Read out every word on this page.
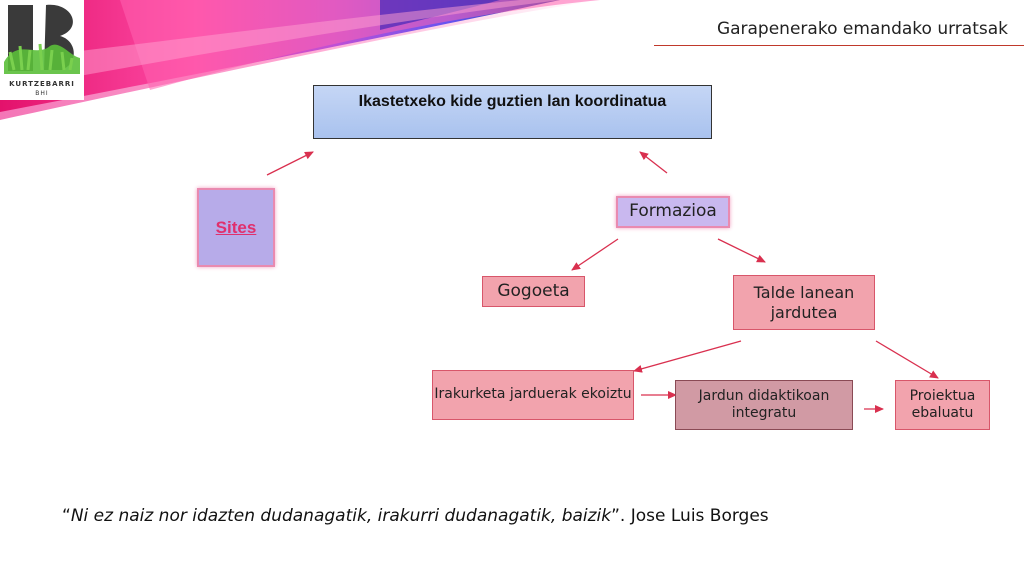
KURTZEBARRI
BHI
Garapenerako emandako urratsak
Ikastetxeko kide guztien lan koordinatua
Sites
Formazioa
Gogoeta	Talde lanean jardutea
Irakurketa jarduerak ekoiztu	Jardun didaktikoan integratu
Proiektua ebaluatu
“Ni ez naiz nor idazten dudanagatik, irakurri dudanagatik, baizik”. Jose Luis Borges
